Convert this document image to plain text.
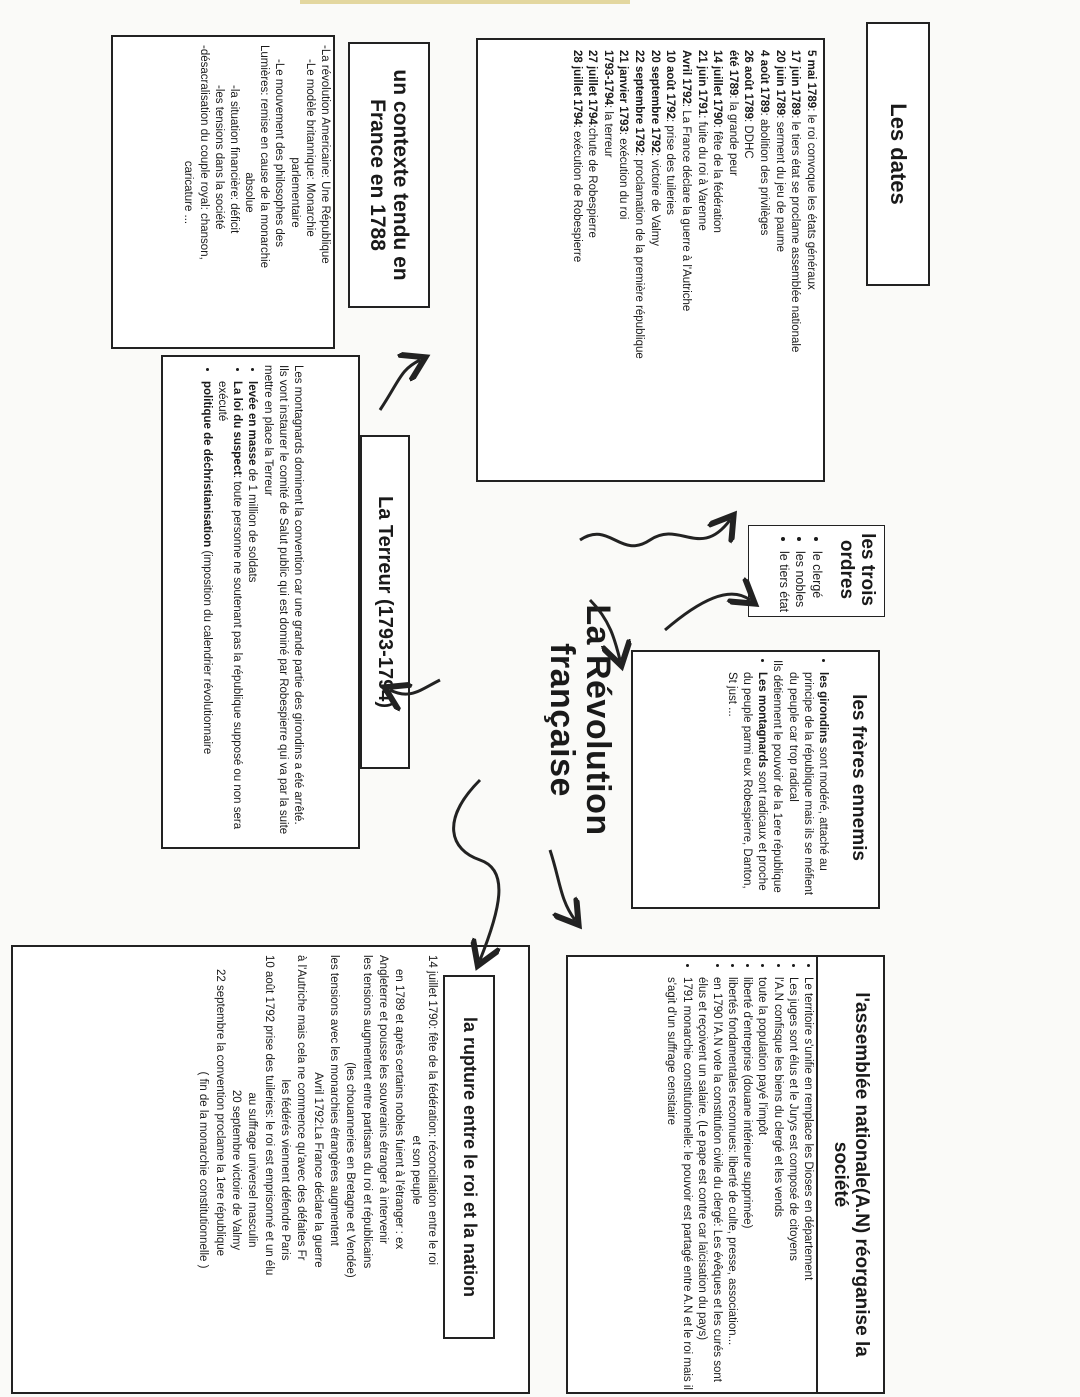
La Révolution
française
Les dates
5 mai 1789: le roi convoque les états généraux
17 juin 1789: le tiers état se proclame assemblée nationale
20 juin 1789: serment du jeu de paume
4 août 1789: abolition des privilèges
26 août 1789: DDHC
été 1789: la grande peur
14 juillet 1790: fête de la fédération
21 juin 1791: fuite du roi à Varenne
Avril 1792: La France déclare la guerre à l'Autriche
10 août 1792: prise des tuileries
20 septembre 1792: victoire de Valmy
22 septembre 1792: proclamation de la première république
21 janvier 1793: exécution du roi
1793-1794: la terreur
27 juillet 1794:chute de Robespierre
28 juillet 1794: exécution de Robespierre
un contexte tendu en France en 1788
-La révolution Americaine: Une République
-Le modèle britannique: Monarchie
parlementaire
-Le mouvement des philosophes des
Lumières: remise en cause de la monarchie
absolue
-la situation financière: déficit
-les tensions dans la société
-désacralisation du couple royal: chanson,
caricature ...
les trois ordres
• le clergé
• les nobles
• le tiers état
les frères ennemis
• les girondins sont modéré, attaché au principe de la république mais ils se méfient du peuple car trop radical
Ils détiennent le pouvoir de la 1ere république
• Les montagnards sont radicaux et proche du peuple parmi eux Robespierre, Danton, St just ...
La Terreur (1793-1794)
Les montagnards dominent la convention car une grande partie des girondins a été arrêté. Ils vont instaurer le comité de Salut public qui est dominé par Robespierre qui va par la suite mettre en place la Terreur
• levée en masse de 1 million de soldats
• La loi du suspect: toute personne ne soutenant pas la république supposé ou non sera exécuté
• politique de déchristianisation (imposition du calendrier révolutionnaire
l'assemblée nationale(A.N) réorganise la société
• Le territoire s'unifie en remplace les Dioses en département
• Les juges sont élus et le Jurys est composé de citoyens
• l'A.N confisque les biens du clergé et les vends
• toute la population payé l'impôt
• liberté d'entreprise (douane intérieure supprimée)
• libertés fondamentales reconnues: liberté de culte, presse, association...
• en 1790 l'A.N vote la constitution civile du clergé: Les évêques et les curés sont élus et reçoivent un salaire. (Le pape est contre car laïcisation du pays)
• 1791 monarchie constitutionnelle: le pouvoir est partagé entre A.N et le roi mais il s'agit d'un suffrage censitaire
la rupture entre le roi et la nation
14 juillet 1790: fête de la fédération: réconciliation entre le roi
et son peuple
en 1789 et après certains nobles fuient à l'étranger : ex
Angleterre et pousse les souverains étranger à intervenir
les tensions augmentent entre partisans du roi et républicains
(les chouanneries en Bretagne et Vendée)
les tensions avec les monarchies étrangères augmentent
Avril 1792:La France déclare la guerre
à l'Autriche mais cela ne commence qu'avec des défaites Fr
les fédérés viennent défendre Paris
10 août 1792 prise des tuileries: le roi est emprisonné et un élu
au suffrage universel masculin
20 septembre victoire de Valmy
22 septembre la convention proclame la 1ere république
( fin de la monarchie constitutionnelle )
